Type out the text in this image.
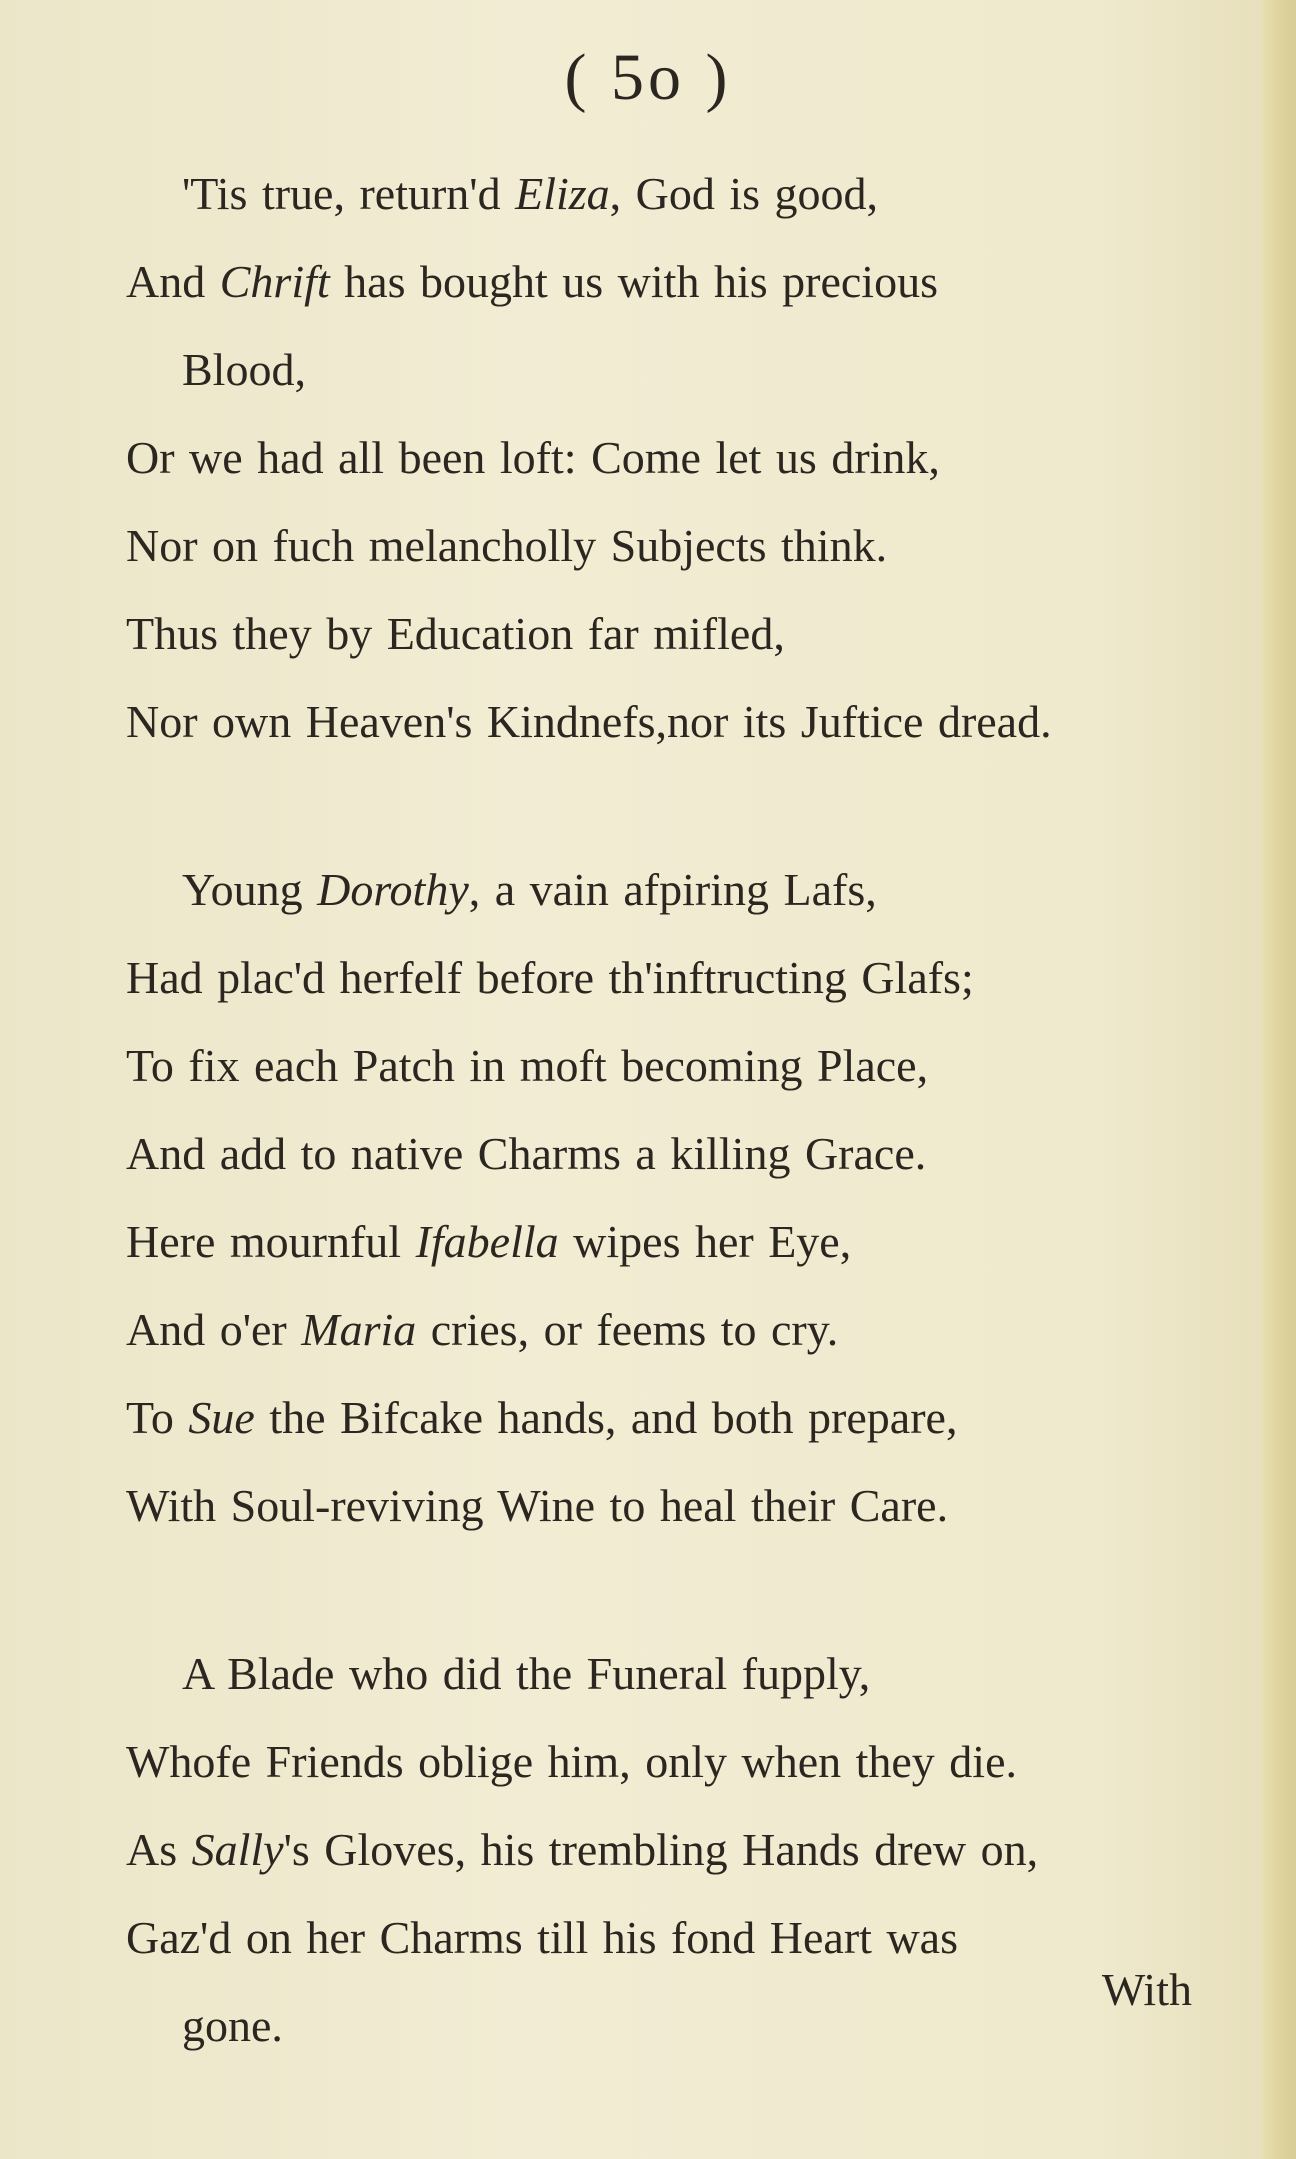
( 5o )
'Tis true, return'd Eliza, God is good,
And Chrift has bought us with his precious
Blood,
Or we had all been loft: Come let us drink,
Nor on fuch melancholly Subjects think.
Thus they by Education far mifled,
Nor own Heaven's Kindnefs,nor its Juftice dread.
Young Dorothy, a vain afpiring Lafs,
Had plac'd herfelf before th'inftructing Glafs;
To fix each Patch in moft becoming Place,
And add to native Charms a killing Grace.
Here mournful Ifabella wipes her Eye,
And o'er Maria cries, or feems to cry.
To Sue the Bifcake hands, and both prepare,
With Soul-reviving Wine to heal their Care.
A Blade who did the Funeral fupply,
Whofe Friends oblige him, only when they die.
As Sally's Gloves, his trembling Hands drew on,
Gaz'd on her Charms till his fond Heart was
gone.
With
